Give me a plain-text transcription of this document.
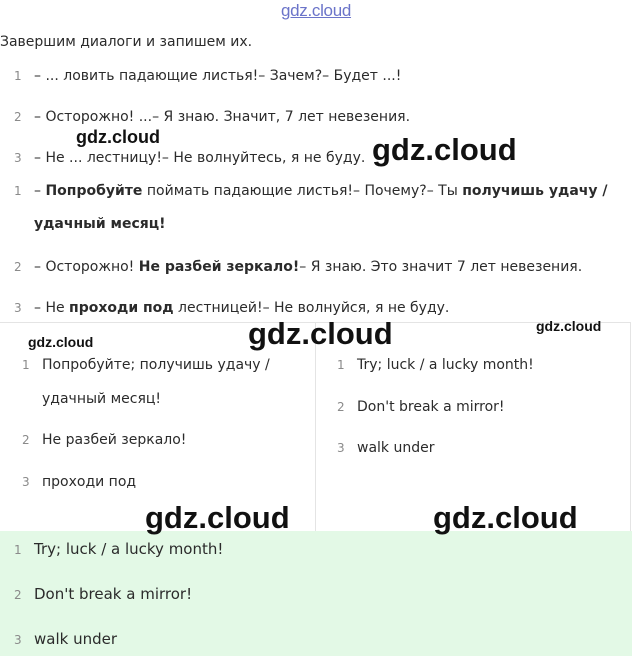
gdz.cloud
Завершим диалоги и запишем их.
1 – ... ловить падающие листья!– Зачем?– Будет ...!
2 – Осторожно! ...– Я знаю. Значит, 7 лет невезения.
3 – Не ... лестницу!– Не волнуйтесь, я не буду.
1 – Попробуйте поймать падающие листья!– Почему?– Ты получишь удачу /
удачный месяц!
2 – Осторожно! Не разбей зеркало!– Я знаю. Это значит 7 лет невезения.
3 – Не проходи под лестницей!– Не волнуйся, я не буду.
1 Попробуйте; получишь удачу /
удачный месяц!
2 Не разбей зеркало!
3 проходи под
1 Try; luck / a lucky month!
2 Don't break a mirror!
3 walk under
1 Try; luck / a lucky month!
2 Don't break a mirror!
3 walk under
gdz.cloud	gdz.cloud
gdz.cloud	gdz.cloud	gdz.cloud
gdz.cloud	gdz.cloud
